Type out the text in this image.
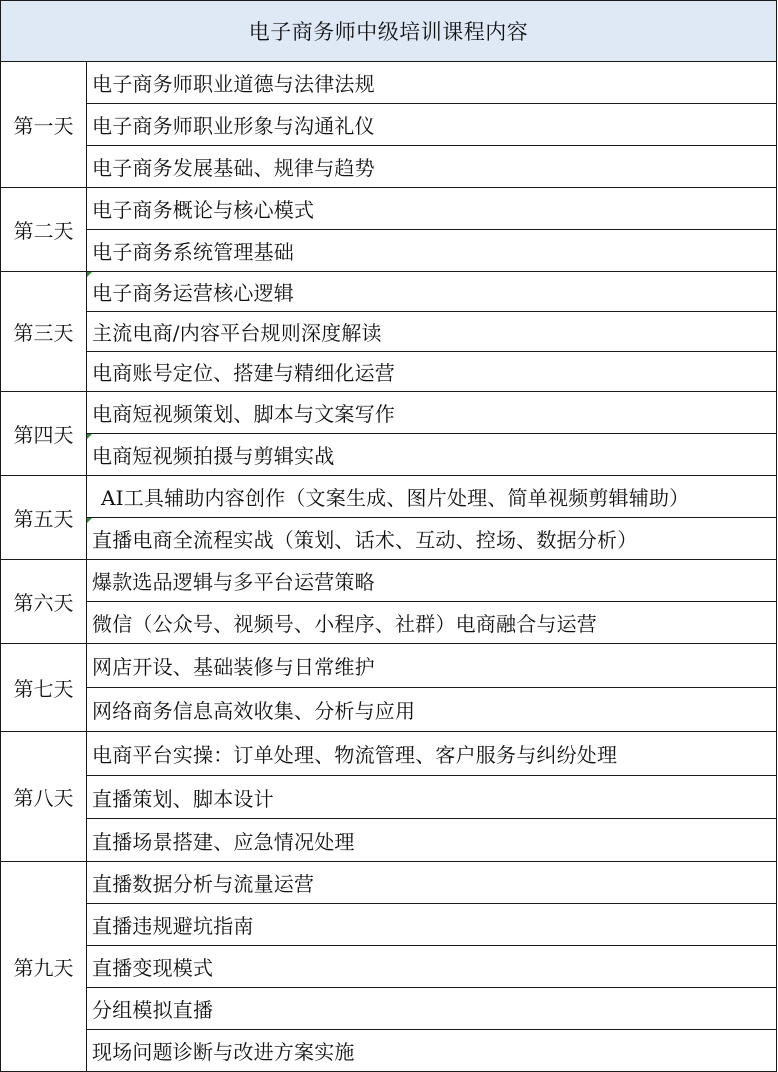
电子商务师中级培训课程内容	
第一天	电子商务师职业道德与法律法规
	电子商务师职业形象与沟通礼仪
	电子商务发展基础、规律与趋势
第二天	电子商务概论与核心模式
	电子商务系统管理基础
第三天	电子商务运营核心逻辑
	主流电商/内容平台规则深度解读
	电商账号定位、搭建与精细化运营
第四天	电商短视频策划、脚本与文案写作
	电商短视频拍摄与剪辑实战
第五天	AI工具辅助内容创作（文案生成、图片处理、简单视频剪辑辅助）
	直播电商全流程实战（策划、话术、互动、控场、数据分析）
第六天	爆款选品逻辑与多平台运营策略
	微信（公众号、视频号、小程序、社群）电商融合与运营
第七天	网店开设、基础装修与日常维护
	网络商务信息高效收集、分析与应用
第八天	电商平台实操：订单处理、物流管理、客户服务与纠纷处理
	直播策划、脚本设计
	直播场景搭建、应急情况处理
第九天	直播数据分析与流量运营
	直播违规避坑指南
	直播变现模式
	分组模拟直播
	现场问题诊断与改进方案实施
